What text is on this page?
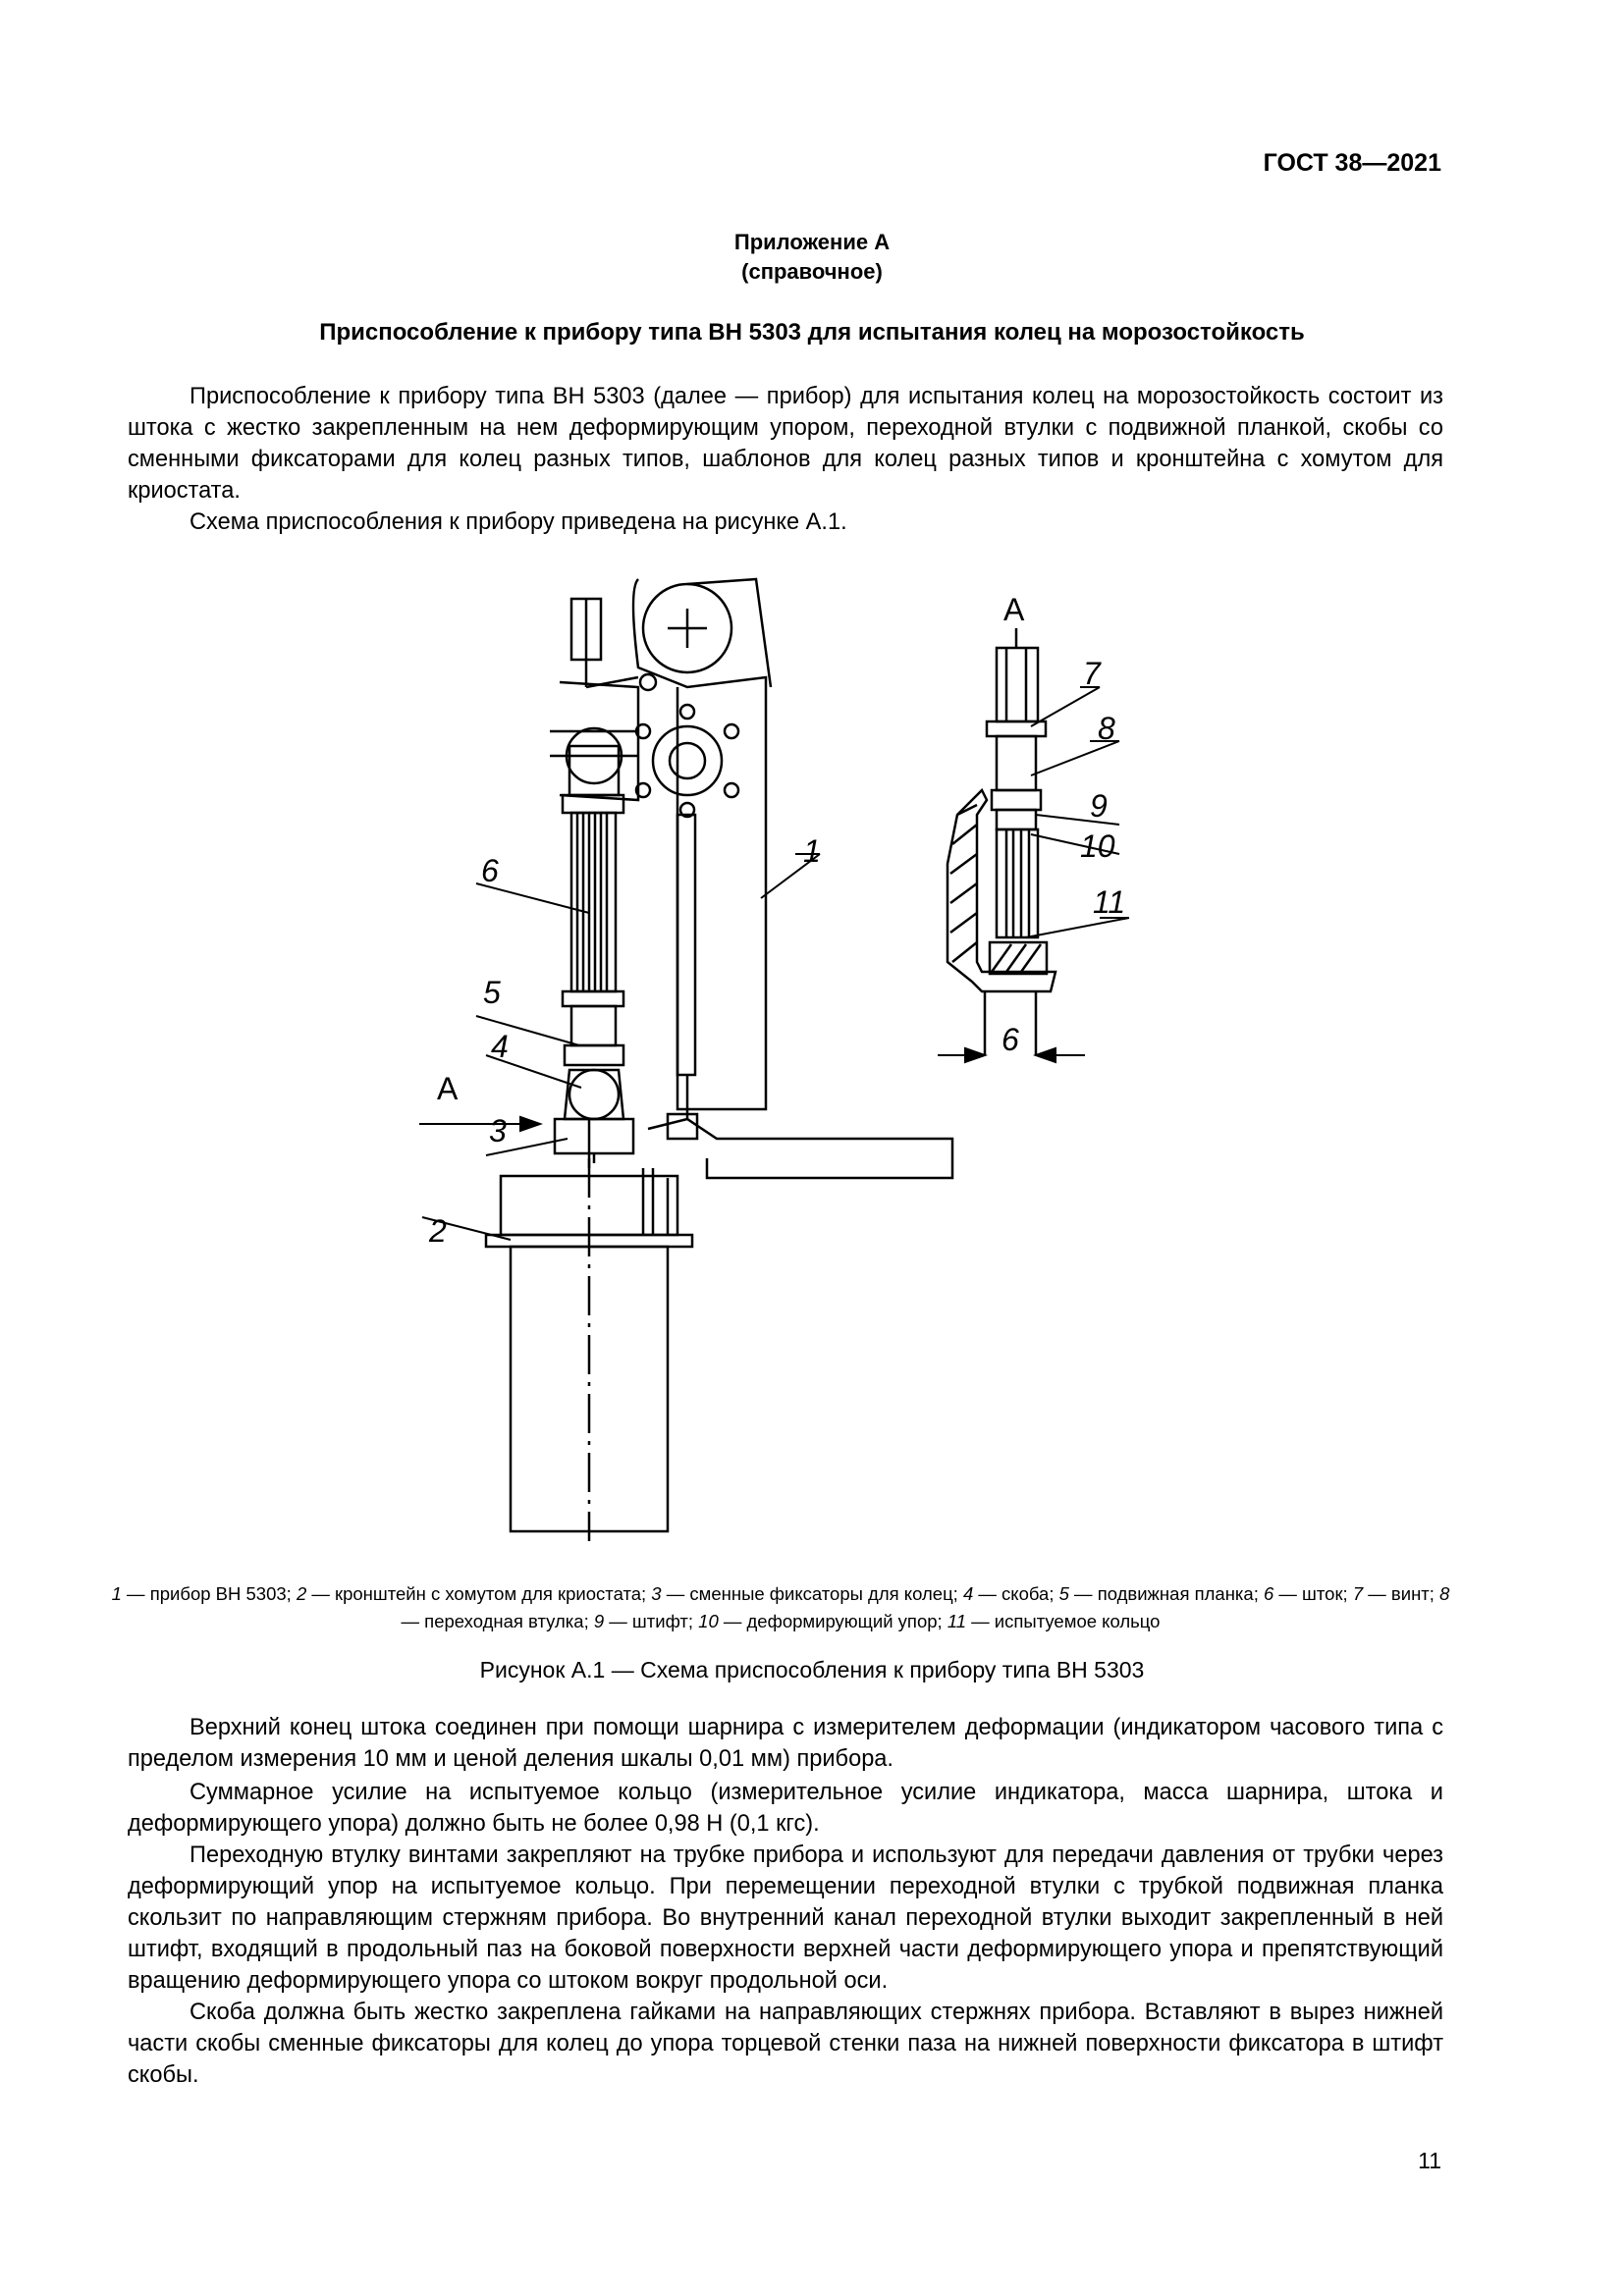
ГОСТ 38—2021
Приложение А
(справочное)
Приспособление к прибору типа ВН 5303 для испытания колец на морозостойкость
Приспособление к прибору типа ВН 5303 (далее — прибор) для испытания колец на морозостойкость состоит из штока с жестко закрепленным на нем деформирующим упором, переходной втулки с подвижной планкой, скобы со сменными фиксаторами для колец разных типов, шаблонов для колец разных типов и кронштейна с хомутом для криостата.
Схема приспособления к прибору приведена на рисунке А.1.
1
2
3
4
5
6
А
А
7
8
9
10
11
6
1 — прибор ВН 5303; 2 — кронштейн с хомутом для криостата; 3 — сменные фиксаторы для колец; 4 — скоба; 5 — подвижная планка; 6 — шток; 7 — винт; 8 — переходная втулка; 9 — штифт; 10 — деформирующий упор; 11 — испытуемое кольцо
Рисунок А.1 — Схема приспособления к прибору типа ВН 5303
Верхний конец штока соединен при помощи шарнира с измерителем деформации (индикатором часового типа с пределом измерения 10 мм и ценой деления шкалы 0,01 мм) прибора.
Суммарное усилие на испытуемое кольцо (измерительное усилие индикатора, масса шарнира, штока и деформирующего упора) должно быть не более 0,98 Н (0,1 кгс).
Переходную втулку винтами закрепляют на трубке прибора и используют для передачи давления от трубки через деформирующий упор на испытуемое кольцо. При перемещении переходной втулки с трубкой подвижная планка скользит по направляющим стержням прибора. Во внутренний канал переходной втулки выходит закрепленный в ней штифт, входящий в продольный паз на боковой поверхности верхней части деформирующего упора и препятствующий вращению деформирующего упора со штоком вокруг продольной оси.
Скоба должна быть жестко закреплена гайками на направляющих стержнях прибора. Вставляют в вырез нижней части скобы сменные фиксаторы для колец до упора торцевой стенки паза на нижней поверхности фиксатора в штифт скобы.
11
